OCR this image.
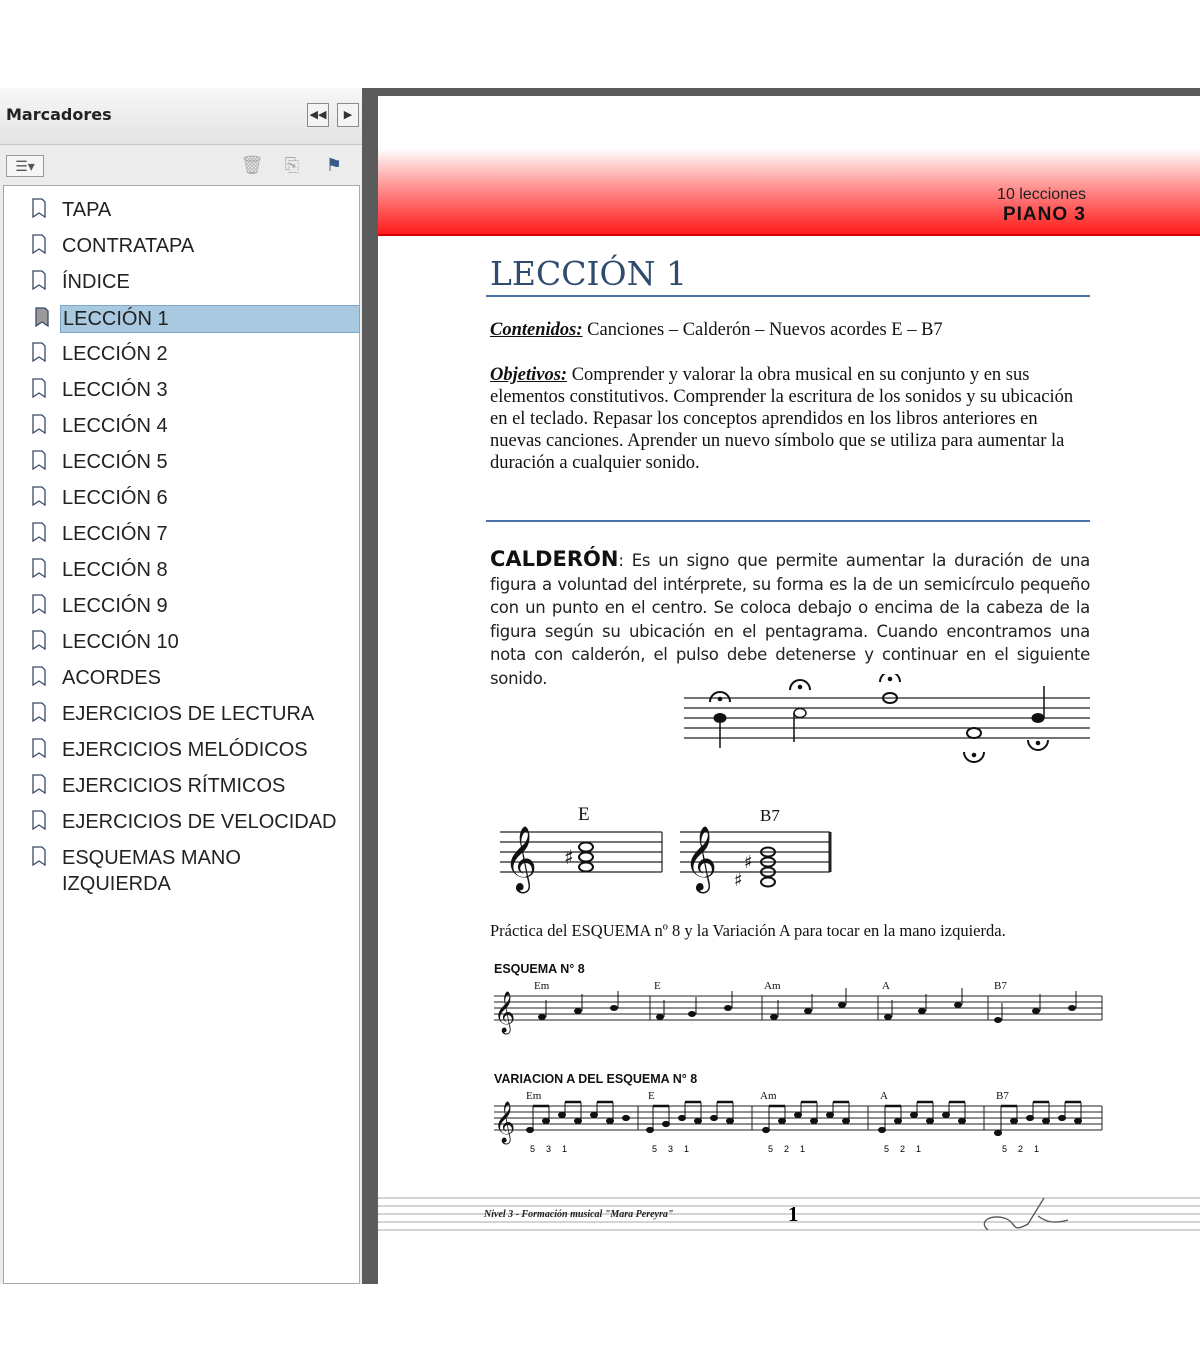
Marcadores	◀◀	▶
☰▾	🗑 ⎘ ⚑
TAPA
CONTRATAPA
ÍNDICE
LECCIÓN 1
LECCIÓN 2
LECCIÓN 3
LECCIÓN 4
LECCIÓN 5
LECCIÓN 6
LECCIÓN 7
LECCIÓN 8
LECCIÓN 9
LECCIÓN 10
ACORDES
EJERCICIOS DE LECTURA
EJERCICIOS MELÓDICOS
EJERCICIOS RÍTMICOS
EJERCICIOS DE VELOCIDAD
ESQUEMAS MANO IZQUIERDA
10 lecciones
PIANO 3
LECCIÓN 1
Contenidos: Canciones – Calderón – Nuevos acordes E – B7
Objetivos: Comprender y valorar la obra musical en su conjunto y en sus elementos constitutivos. Comprender la escritura de los sonidos y su ubicación en el teclado. Repasar los conceptos aprendidos en los libros anteriores en nuevas canciones. Aprender un nuevo símbolo que se utiliza para aumentar la duración a cualquier sonido.
CALDERÓN: Es un signo que permite aumentar la duración de una figura a voluntad del intérprete, su forma es la de un semicírculo pequeño con un punto en el centro. Se coloca debajo o encima de la cabeza de la figura según su ubicación en el pentagrama. Cuando encontramos una nota con calderón, el pulso debe detenerse y continuar en el siguiente sonido.
𝄞	𝄞
♯	♯
♯
E	B7
Práctica del ESQUEMA nº 8 y la Variación A para tocar en la mano izquierda.
ESQUEMA N° 8
𝄞
Em	E	Am	A	B7
VARIACION A DEL ESQUEMA N° 8
𝄞
Em	E	Am	A	B7
5 3 1	5 3 1	5 2 1	5 2 1	5 2 1
Nivel 3 - Formación musical "Mara Pereyra"	1
